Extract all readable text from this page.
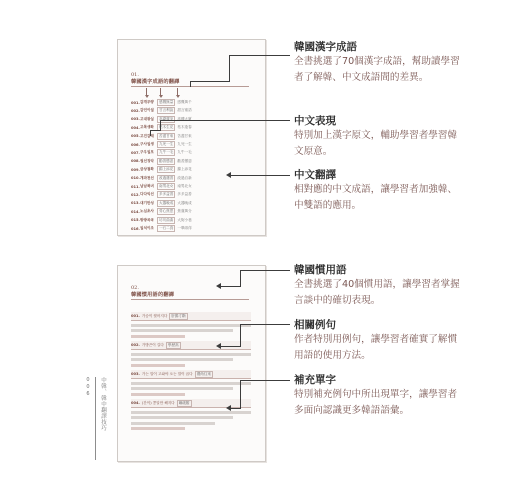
01.
韓國漢字成語的翻譯
001. 감개무량	感慨無量	感慨萬千
002. 감언이설	甘言利說	甜言蜜語
003. 고대광실	高臺廣室	高樓大廈
004. 고목생화	枯木生花	枯木逢春
005. 고진감래	苦盡甘來	苦盡甘來
006. 구사일생	九死一生	九死一生
007. 구우일모	九牛一毛	九牛一毛
008. 권선징악	勸善懲惡	勸善懲惡
009. 금상첨화	錦上添花	錦上添花
010. 개과천선	改過遷善	改過自新
011. 남남북녀	南男北女	南男北女
012. 다다익선	多多益善	多多益善
013. 대기만성	大器晩成	大器晩成
014. 노심초사	勞心焦思	焦慮萬分
015. 방방곡곡	坊坊曲曲	大街小巷
016. 일석이조	一石二鳥	一舉兩得
02.
韓國慣用語的翻譯
001. 가슴이 찢어지다	肝腸寸斷
002. 가방끈이 길다	學歷高
003. 가는 말이 고와야 오는 말이 곱다	禮尚往來
004. (간이) 콩알만 해지다	嚇破膽
0
0
6	中韓、韓中翻譯技巧
韓國漢字成語
全書挑選了70個漢字成語，幫助讀學習者了解韓、中文成語間的差異。
中文表現
特別加上漢字原文，輔助學習者學習韓文原意。
中文翻譯
相對應的中文成語，讓學習者加強韓、中雙語的應用。
韓國慣用語
全書挑選了40個慣用語，讓學習者掌握言談中的確切表現。
相關例句
作者特別用例句，讓學習者確實了解慣用語的使用方法。
補充單字
特別補充例句中所出現單字，讓學習者多面向認識更多韓語語彙。
